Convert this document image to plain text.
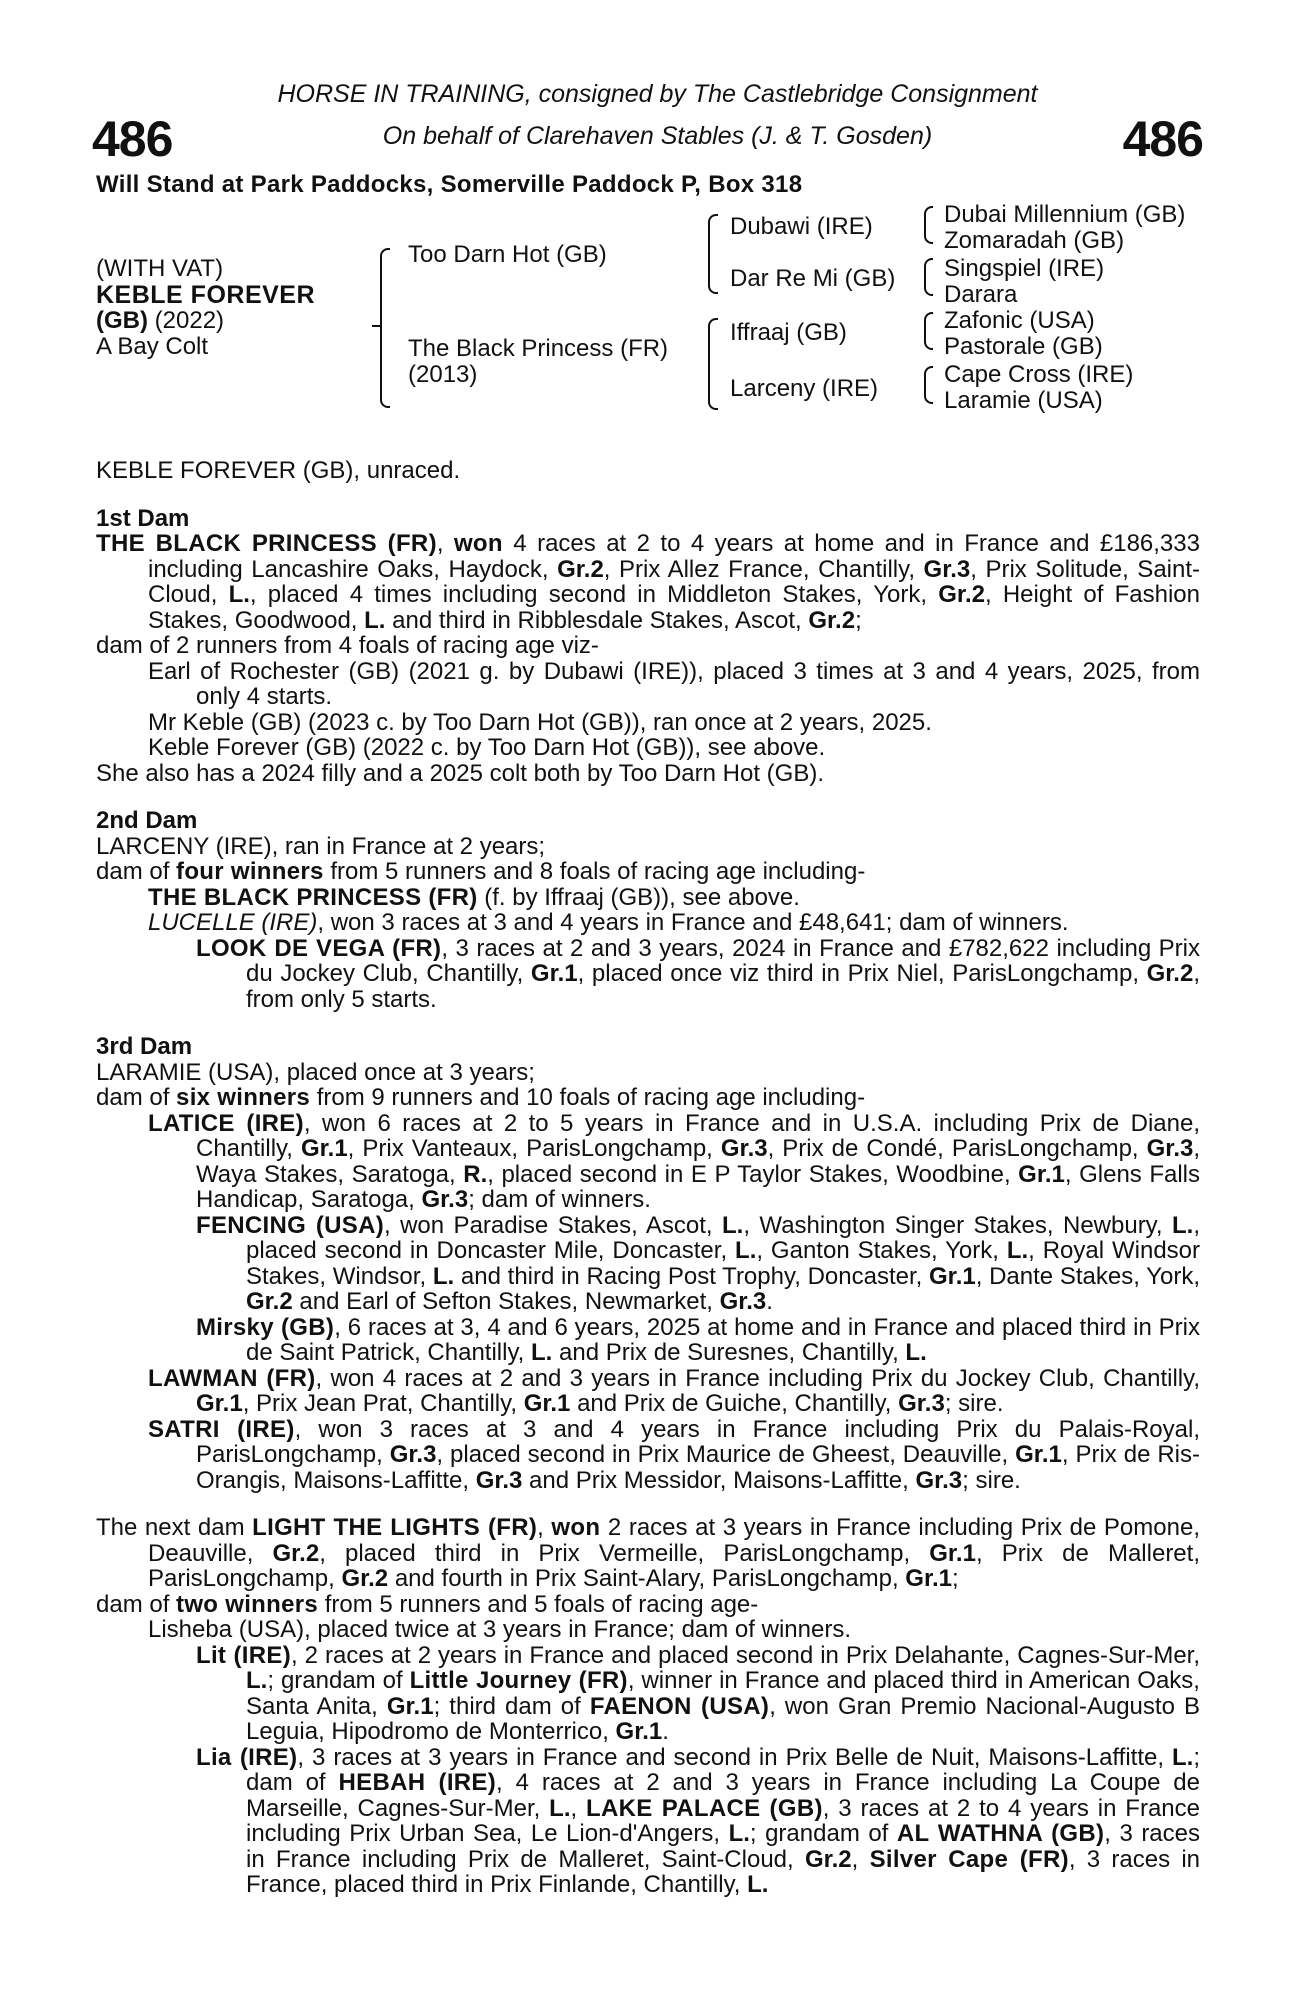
HORSE IN TRAINING, consigned by The Castlebridge Consignment
On behalf of Clarehaven Stables (J. & T. Gosden)
486	486
Will Stand at Park Paddocks, Somerville Paddock P, Box 318
(WITH VAT)
KEBLE FOREVER
(GB) (2022)
A Bay Colt
Too Darn Hot (GB)
The Black Princess (FR)
(2013)
Dubawi (IRE)
Dar Re Mi (GB)
Iffraaj (GB)
Larceny (IRE)
Dubai Millennium (GB)
Zomaradah (GB)
Singspiel (IRE)
Darara
Zafonic (USA)
Pastorale (GB)
Cape Cross (IRE)
Laramie (USA)

KEBLE FOREVER (GB), unraced.

1st Dam

THE BLACK PRINCESS (FR), won 4 races at 2 to 4 years at home and in France and £186,333 including Lancashire Oaks, Haydock, Gr.2, Prix Allez France, Chantilly, Gr.3, Prix Solitude, Saint-Cloud, L., placed 4 times including second in Middleton Stakes, York, Gr.2, Height of Fashion Stakes, Goodwood, L. and third in Ribblesdale Stakes, Ascot, Gr.2;

dam of 2 runners from 4 foals of racing age viz-

Earl of Rochester (GB) (2021 g. by Dubawi (IRE)), placed 3 times at 3 and 4 years, 2025, from only 4 starts.

Mr Keble (GB) (2023 c. by Too Darn Hot (GB)), ran once at 2 years, 2025.

Keble Forever (GB) (2022 c. by Too Darn Hot (GB)), see above.

She also has a 2024 filly and a 2025 colt both by Too Darn Hot (GB).

2nd Dam

LARCENY (IRE), ran in France at 2 years;

dam of four winners from 5 runners and 8 foals of racing age including-

THE BLACK PRINCESS (FR) (f. by Iffraaj (GB)), see above.

LUCELLE (IRE), won 3 races at 3 and 4 years in France and £48,641; dam of winners.

LOOK DE VEGA (FR), 3 races at 2 and 3 years, 2024 in France and £782,622 including Prix du Jockey Club, Chantilly, Gr.1, placed once viz third in Prix Niel, ParisLongchamp, Gr.2, from only 5 starts.

3rd Dam

LARAMIE (USA), placed once at 3 years;

dam of six winners from 9 runners and 10 foals of racing age including-

LATICE (IRE), won 6 races at 2 to 5 years in France and in U.S.A. including Prix de Diane, Chantilly, Gr.1, Prix Vanteaux, ParisLongchamp, Gr.3, Prix de Condé, ParisLongchamp, Gr.3, Waya Stakes, Saratoga, R., placed second in E P Taylor Stakes, Woodbine, Gr.1, Glens Falls Handicap, Saratoga, Gr.3; dam of winners.

FENCING (USA), won Paradise Stakes, Ascot, L., Washington Singer Stakes, Newbury, L., placed second in Doncaster Mile, Doncaster, L., Ganton Stakes, York, L., Royal Windsor Stakes, Windsor, L. and third in Racing Post Trophy, Doncaster, Gr.1, Dante Stakes, York, Gr.2 and Earl of Sefton Stakes, Newmarket, Gr.3.

Mirsky (GB), 6 races at 3, 4 and 6 years, 2025 at home and in France and placed third in Prix de Saint Patrick, Chantilly, L. and Prix de Suresnes, Chantilly, L.

LAWMAN (FR), won 4 races at 2 and 3 years in France including Prix du Jockey Club, Chantilly, Gr.1, Prix Jean Prat, Chantilly, Gr.1 and Prix de Guiche, Chantilly, Gr.3; sire.

SATRI (IRE), won 3 races at 3 and 4 years in France including Prix du Palais-Royal, ParisLongchamp, Gr.3, placed second in Prix Maurice de Gheest, Deauville, Gr.1, Prix de Ris-Orangis, Maisons-Laffitte, Gr.3 and Prix Messidor, Maisons-Laffitte, Gr.3; sire.

The next dam LIGHT THE LIGHTS (FR), won 2 races at 3 years in France including Prix de Pomone, Deauville, Gr.2, placed third in Prix Vermeille, ParisLongchamp, Gr.1, Prix de Malleret, ParisLongchamp, Gr.2 and fourth in Prix Saint-Alary, ParisLongchamp, Gr.1;

dam of two winners from 5 runners and 5 foals of racing age-

Lisheba (USA), placed twice at 3 years in France; dam of winners.

Lit (IRE), 2 races at 2 years in France and placed second in Prix Delahante, Cagnes-Sur-Mer, L.; grandam of Little Journey (FR), winner in France and placed third in American Oaks, Santa Anita, Gr.1; third dam of FAENON (USA), won Gran Premio Nacional-Augusto B Leguia, Hipodromo de Monterrico, Gr.1.

Lia (IRE), 3 races at 3 years in France and second in Prix Belle de Nuit, Maisons-Laffitte, L.; dam of HEBAH (IRE), 4 races at 2 and 3 years in France including La Coupe de Marseille, Cagnes-Sur-Mer, L., LAKE PALACE (GB), 3 races at 2 to 4 years in France including Prix Urban Sea, Le Lion-d'Angers, L.; grandam of AL WATHNA (GB), 3 races in France including Prix de Malleret, Saint-Cloud, Gr.2, Silver Cape (FR), 3 races in France, placed third in Prix Finlande, Chantilly, L.
